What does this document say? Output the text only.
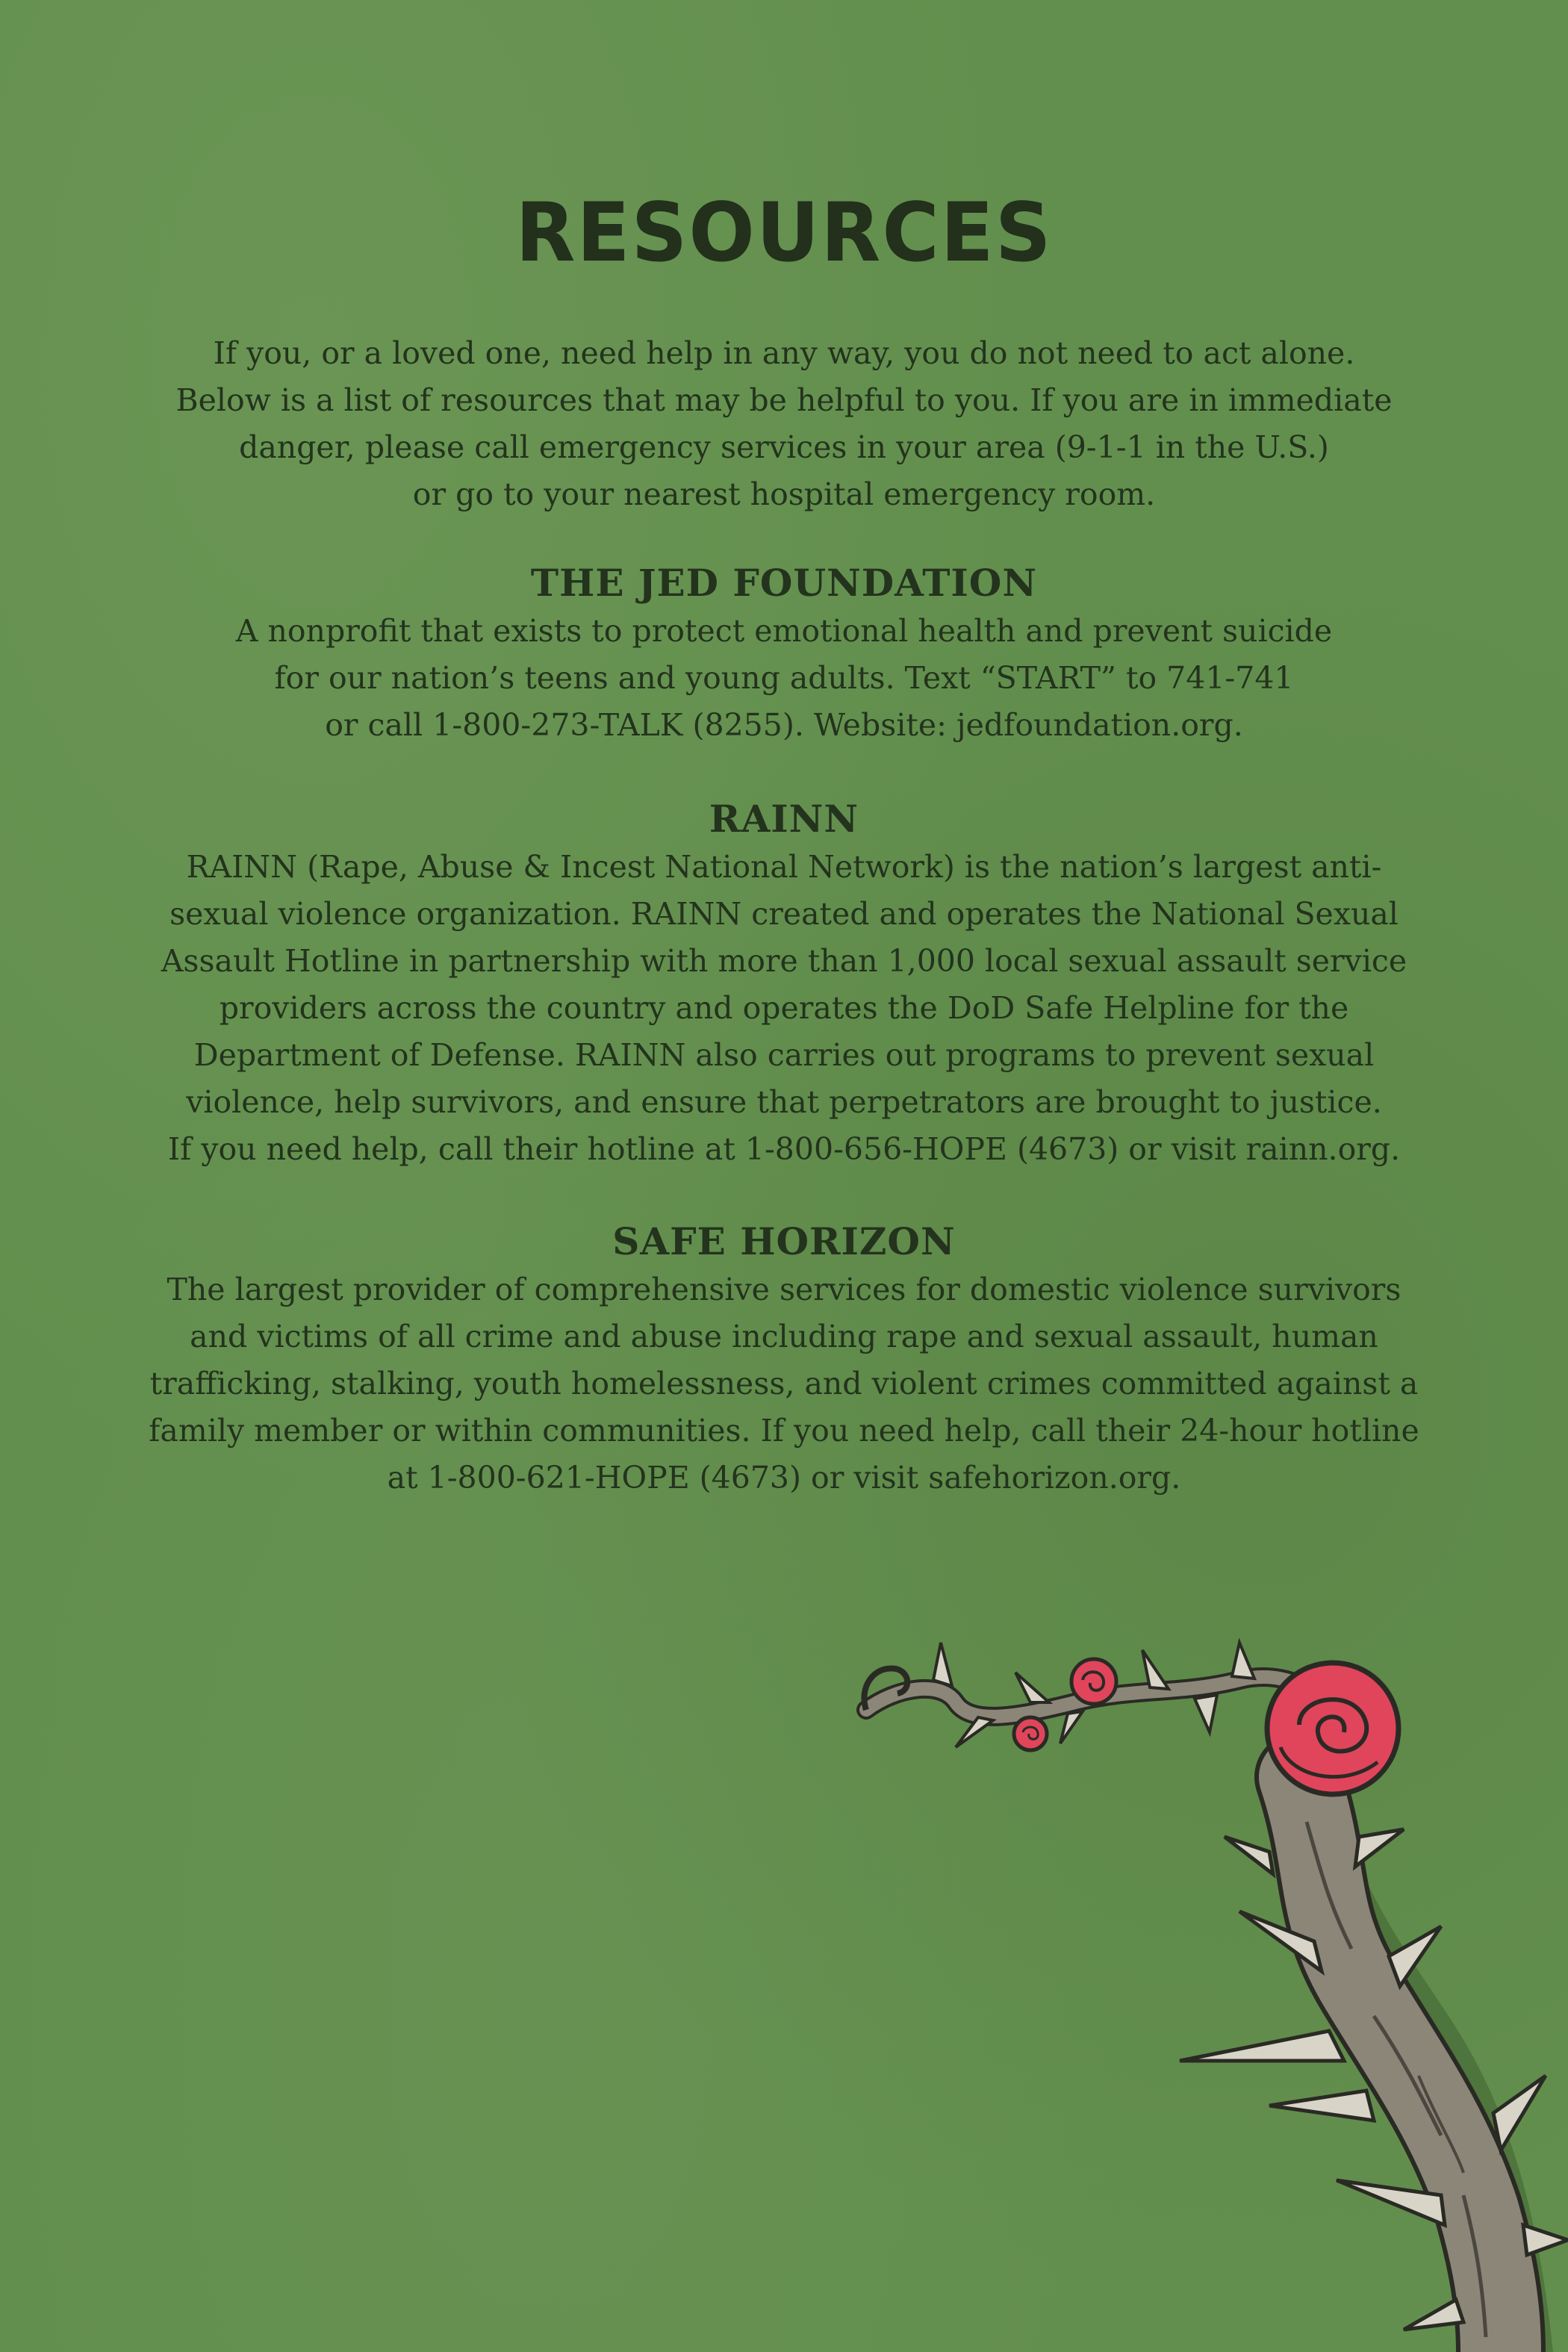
RESOURCES

If you, or a loved one, need help in any way, you do not need to act alone.
Below is a list of resources that may be helpful to you. If you are in immediate
danger, please call emergency services in your area (9-1-1 in the U.S.)
or go to your nearest hospital emergency room.

THE JED FOUNDATION

A nonprofit that exists to protect emotional health and prevent suicide
for our nation’s teens and young adults. Text “START” to 741-741
or call 1-800-273-TALK (8255). Website: jedfoundation.org.

RAINN

RAINN (Rape, Abuse & Incest National Network) is the nation’s largest anti-
sexual violence organization. RAINN created and operates the National Sexual
Assault Hotline in partnership with more than 1,000 local sexual assault service
providers across the country and operates the DoD Safe Helpline for the
Department of Defense. RAINN also carries out programs to prevent sexual
violence, help survivors, and ensure that perpetrators are brought to justice.
If you need help, call their hotline at 1-800-656-HOPE (4673) or visit rainn.org.

SAFE HORIZON

The largest provider of comprehensive services for domestic violence survivors
and victims of all crime and abuse including rape and sexual assault, human
trafficking, stalking, youth homelessness, and violent crimes committed against a
family member or within communities. If you need help, call their 24-hour hotline
at 1-800-621-HOPE (4673) or visit safehorizon.org.
